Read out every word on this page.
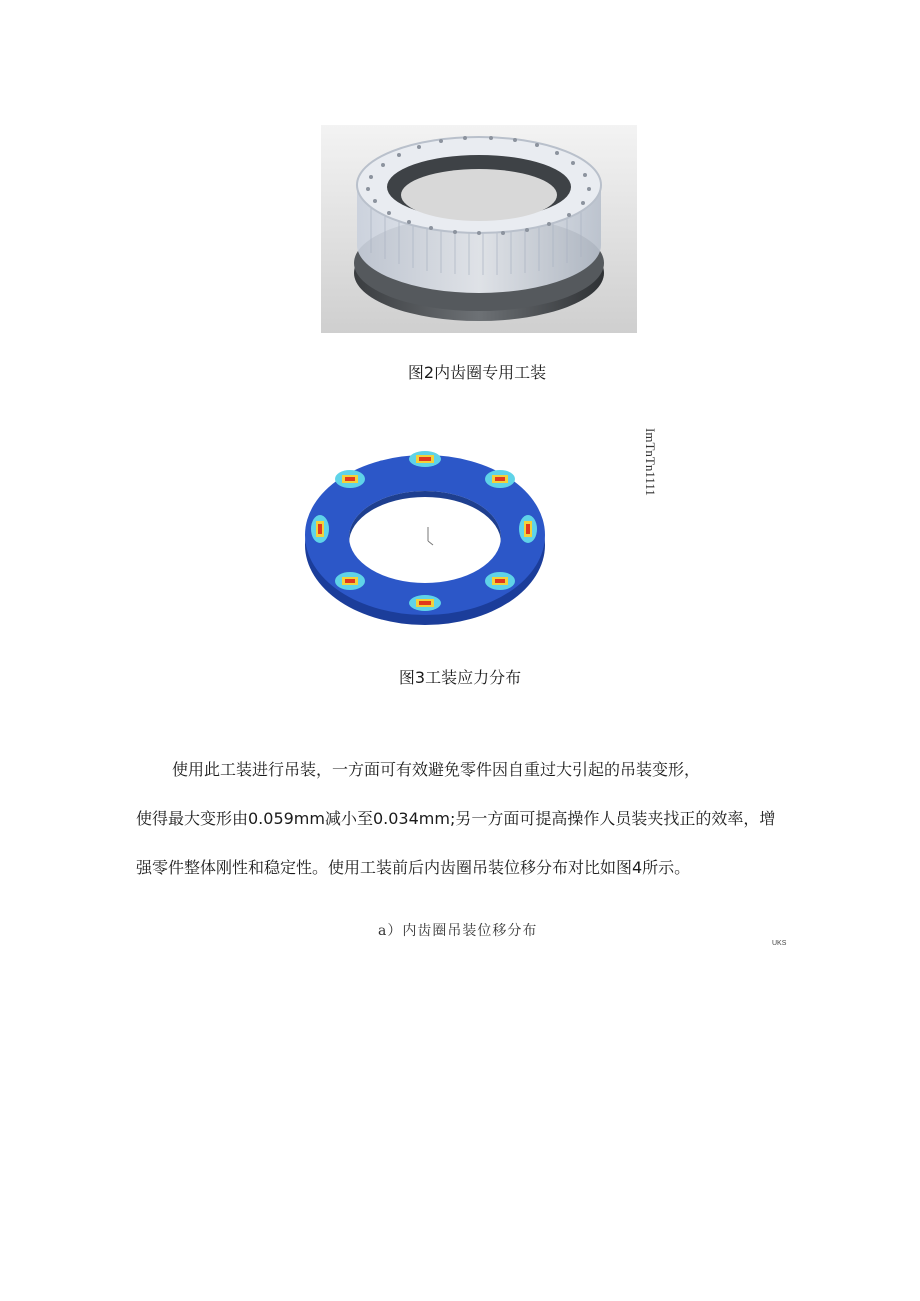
图2内齿圈专用工装
ImTnTn1111
图3工装应力分布
使用此工装进行吊装，一方面可有效避免零件因自重过大引起的吊装变形，
使得最大变形由0.059mm减小至0.034mm;另一方面可提高操作人员装夹找正的效率，增
强零件整体刚性和稳定性。使用工装前后内齿圈吊装位移分布对比如图4所示。
a）内齿圈吊装位移分布
UKS
